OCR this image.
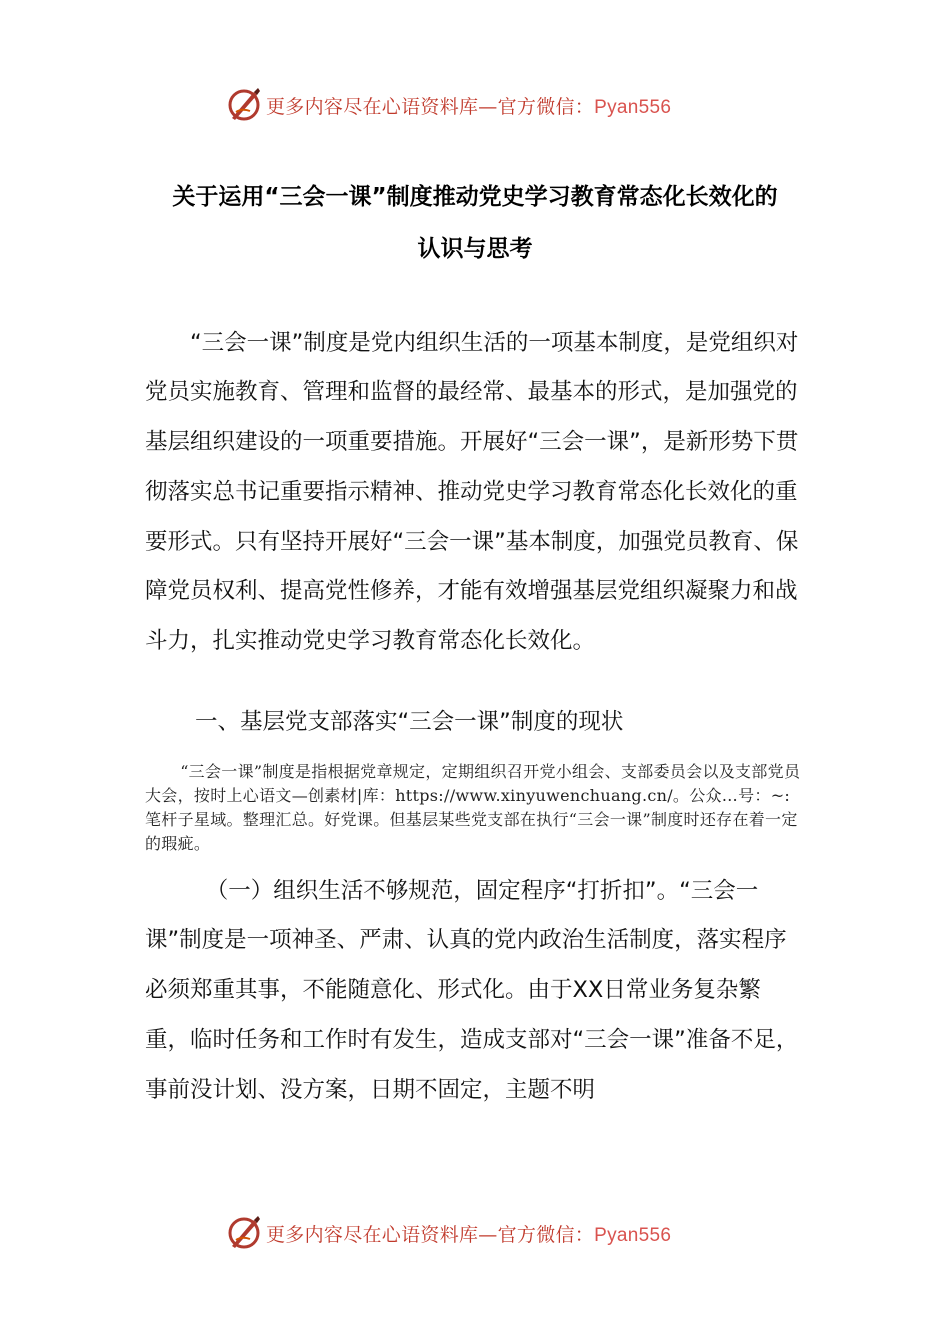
更多内容尽在心语资料库—官方微信：Pyan556
关于运用“三会一课”制度推动党史学习教育常态化长效化的
认识与思考

“三会一课”制度是党内组织生活的一项基本制度，是党组织对党员实施教育、管理和监督的最经常、最基本的形式，是加强党的基层组织建设的一项重要措施。开展好“三会一课”，是新形势下贯彻落实总书记重要指示精神、推动党史学习教育常态化长效化的重要形式。只有坚持开展好“三会一课”基本制度，加强党员教育、保障党员权利、提高党性修养，才能有效增强基层党组织凝聚力和战斗力，扎实推动党史学习教育常态化长效化。

一、基层党支部落实“三会一课”制度的现状

“三会一课”制度是指根据党章规定，定期组织召开党小组会、支部委员会以及支部党员大会，按时上心语文—创素材|库：https://www.xinyuwenchuang.cn/。公众…号：~:笔杆子星域。整理汇总。好党课。但基层某些党支部在执行“三会一课”制度时还存在着一定的瑕疵。

（一）组织生活不够规范，固定程序“打折扣”。“三会一课”制度是一项神圣、严肃、认真的党内政治生活制度，落实程序必须郑重其事，不能随意化、形式化。由于XX日常业务复杂繁重，临时任务和工作时有发生，造成支部对“三会一课”准备不足，事前没计划、没方案，日期不固定，主题不明

更多内容尽在心语资料库—官方微信：Pyan556
